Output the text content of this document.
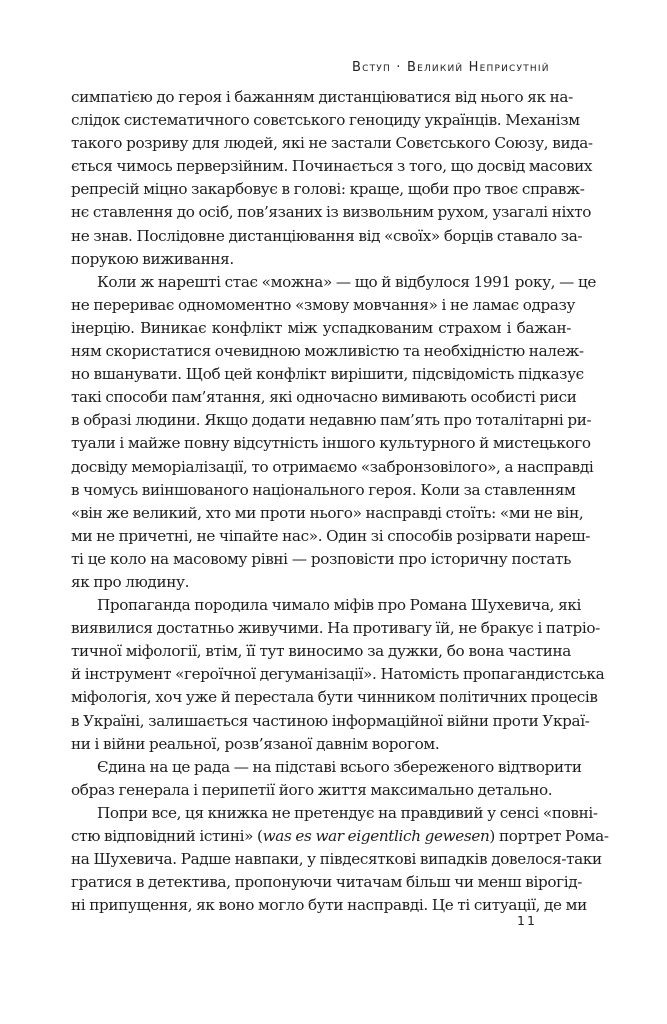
Вступ · Великий Неприсутній

симпатією до героя і бажанням дистанціюватися від нього як на-
слідок систематичного совєтського геноциду українців. Механізм
такого розриву для людей, які не застали Совєтського Союзу, вида-
ється чимось перверзійним. Починається з того, що досвід масових
репресій міцно закарбовує в голові: краще, щоби про твоє справж-
нє ставлення до осіб, пов’язаних із визвольним рухом, узагалі ніхто
не знав. Послідовне дистанціювання від «своїх» борців ставало за-
порукою виживання.

Коли ж нарешті стає «можна» — що й відбулося 1991 року, — це
не перериває одномоментно «змову мовчання» і не ламає одразу
інерцію. Виникає конфлікт між успадкованим страхом і бажан-
ням скористатися очевидною можливістю та необхідністю належ-
но вшанувати. Щоб цей конфлікт вирішити, підсвідомість підказує
такі способи пам’ятання, які одночасно вимивають особисті риси
в образі людини. Якщо додати недавню пам’ять про тоталітарні ри-
туали і майже повну відсутність іншого культурного й мистецького
досвіду меморіалізації, то отримаємо «забронзовілого», а насправді
в чомусь виіншованого національного героя. Коли за ставленням
«він же великий, хто ми проти нього» насправді стоїть: «ми не він,
ми не причетні, не чіпайте нас». Один зі способів розірвати нареш-
ті це коло на масовому рівні — розповісти про історичну постать
як про людину.

Пропаганда породила чимало міфів про Романа Шухевича, які
виявилися достатньо живучими. На противагу їй, не бракує і патріо-
тичної міфології, втім, її тут виносимо за дужки, бо вона частина
й інструмент «героїчної дегуманізації». Натомість пропагандистська
міфологія, хоч уже й перестала бути чинником політичних процесів
в Україні, залишається частиною інформаційної війни проти Украї-
ни і війни реальної, розв’язаної давнім ворогом.

Єдина на це рада — на підставі всього збереженого відтворити
образ генерала і перипетії його життя максимально детально.

Попри все, ця книжка не претендує на правдивий у сенсі «повні-
стю відповідний істині» (was es war eigentlich gewesen) портрет Рома-
на Шухевича. Радше навпаки, у півдесяткові випадків довелося-таки
гратися в детектива, пропонуючи читачам більш чи менш вірогід-
ні припущення, як воно могло бути насправді. Це ті ситуації, де ми

11
